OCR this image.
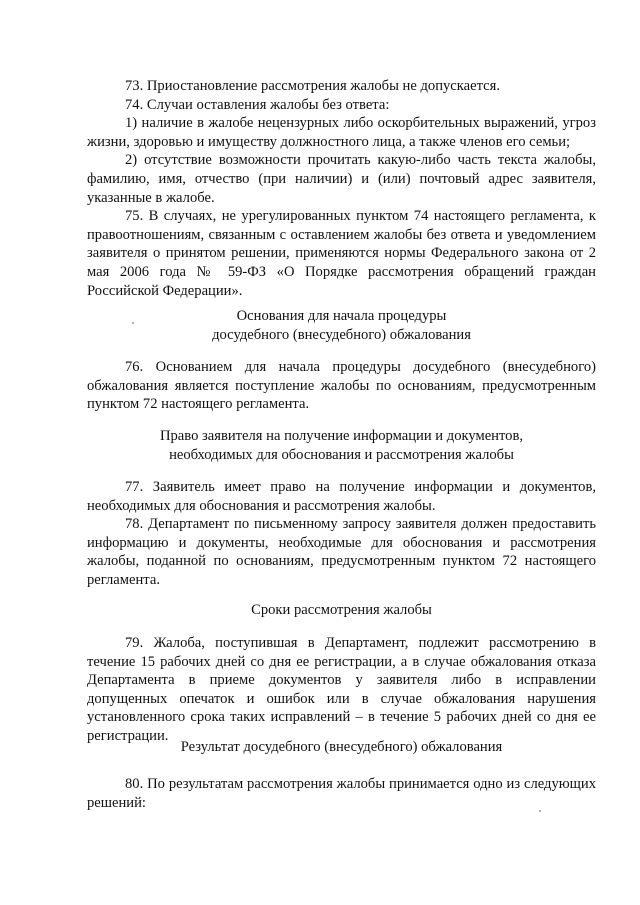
73. Приостановление рассмотрения жалобы не допускается.

74. Случаи оставления жалобы без ответа:

1) наличие в жалобе нецензурных либо оскорбительных выражений, угроз жизни, здоровью и имуществу должностного лица, а также членов его семьи;

2) отсутствие возможности прочитать какую-либо часть текста жалобы, фамилию, имя, отчество (при наличии) и (или) почтовый адрес заявителя, указанные в жалобе.

75. В случаях, не урегулированных пунктом 74 настоящего регламента, к правоотношениям, связанным с оставлением жалобы без ответа и уведомлением заявителя о принятом решении, применяются нормы Федерального закона от 2 мая 2006 года № 59-ФЗ «О Порядке рассмотрения обращений граждан Российской Федерации».

Основания для начала процедуры
досудебного (внесудебного) обжалования

76. Основанием для начала процедуры досудебного (внесудебного) обжалования является поступление жалобы по основаниям, предусмотренным пунктом 72 настоящего регламента.

Право заявителя на получение информации и документов,
необходимых для обоснования и рассмотрения жалобы

77. Заявитель имеет право на получение информации и документов, необходимых для обоснования и рассмотрения жалобы.

78. Департамент по письменному запросу заявителя должен предоставить информацию и документы, необходимые для обоснования и рассмотрения жалобы, поданной по основаниям, предусмотренным пунктом 72 настоящего регламента.

Сроки рассмотрения жалобы

79. Жалоба, поступившая в Департамент, подлежит рассмотрению в течение 15 рабочих дней со дня ее регистрации, а в случае обжалования отказа Департамента в приеме документов у заявителя либо в исправлении допущенных опечаток и ошибок или в случае обжалования нарушения установленного срока таких исправлений – в течение 5 рабочих дней со дня ее регистрации.

Результат досудебного (внесудебного) обжалования

80. По результатам рассмотрения жалобы принимается одно из следующих решений:
